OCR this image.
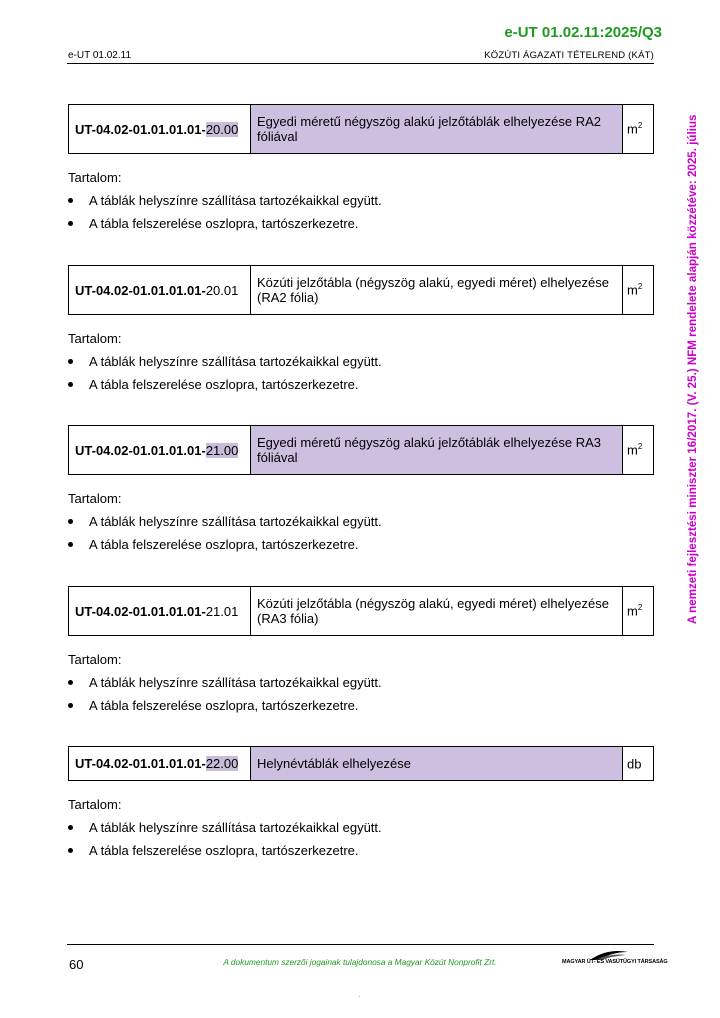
e-UT 01.02.11:2025/Q3
e-UT 01.02.11	KÖZÚTI ÁGAZATI TÉTELREND (KÁT)
A nemzeti fejlesztési miniszter 16/2017. (V. 25.) NFM rendelete alapján közzétéve: 2025. július
UT-04.02-01.01.01.01-20.00	Egyedi méretű négyszög alakú jelzőtáblák elhelyezése RA2 fóliával	$m^2$
Tartalom:
A táblák helyszínre szállítása tartozékaikkal együtt.
A tábla felszerelése oszlopra, tartószerkezetre.
UT-04.02-01.01.01.01-20.01	Közúti jelzőtábla (négyszög alakú, egyedi méret) elhelyezése (RA2 fólia)	$m^2$
Tartalom:
A táblák helyszínre szállítása tartozékaikkal együtt.
A tábla felszerelése oszlopra, tartószerkezetre.
UT-04.02-01.01.01.01-21.00	Egyedi méretű négyszög alakú jelzőtáblák elhelyezése RA3 fóliával	$m^2$
Tartalom:
A táblák helyszínre szállítása tartozékaikkal együtt.
A tábla felszerelése oszlopra, tartószerkezetre.
UT-04.02-01.01.01.01-21.01	Közúti jelzőtábla (négyszög alakú, egyedi méret) elhelyezése (RA3 fólia)	$m^2$
Tartalom:
A táblák helyszínre szállítása tartozékaikkal együtt.
A tábla felszerelése oszlopra, tartószerkezetre.
UT-04.02-01.01.01.01-22.00	Helynévtáblák elhelyezése	db
Tartalom:
A táblák helyszínre szállítása tartozékaikkal együtt.
A tábla felszerelése oszlopra, tartószerkezetre.
60	A dokumentum szerzői jogainak tulajdonosa a Magyar Közút Nonprofit Zrt.	MAGYAR ÚT- ÉS VASÚTÜGYI TÁRSASÁG
·
